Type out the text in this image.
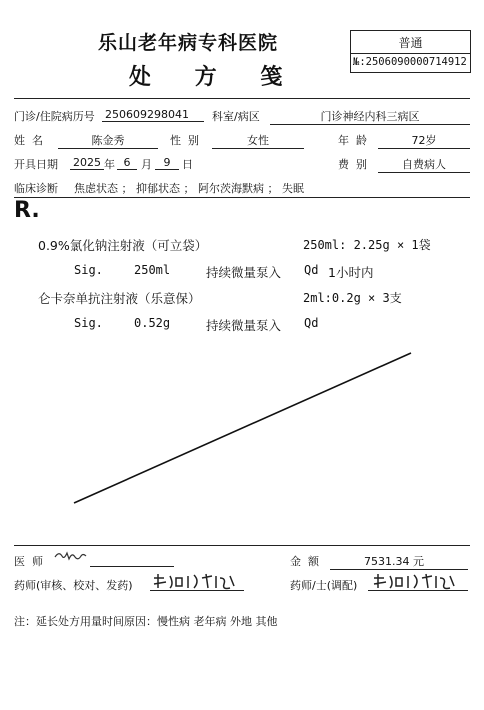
乐山老年病专科医院
处 方 笺
普通
№:2506090000714912
门诊/住院病历号 250609298041	科室/病区	门诊神经内科三病区
姓  名	陈金秀	性  别	女性	年  龄	72岁
开具日期 2025 年 6 月	9	日	费  别	自费病人
临床诊断 焦虑状态 ； 抑郁状态 ； 阿尔茨海默病 ； 失眠
R.
0.9%氯化钠注射液（可立袋）	250ml: 2.25g × 1袋
Sig.	250ml	持续微量泵入 Qd 1小时内
仑卡奈单抗注射液（乐意保）	2ml:0.2g × 3支
Sig.	0.52g	持续微量泵入 Qd
医  师	金  额	7531.34 元
药师(审核、校对、发药)	药师/士(调配)
注：延长处方用量时间原因：慢性病 老年病 外地 其他
